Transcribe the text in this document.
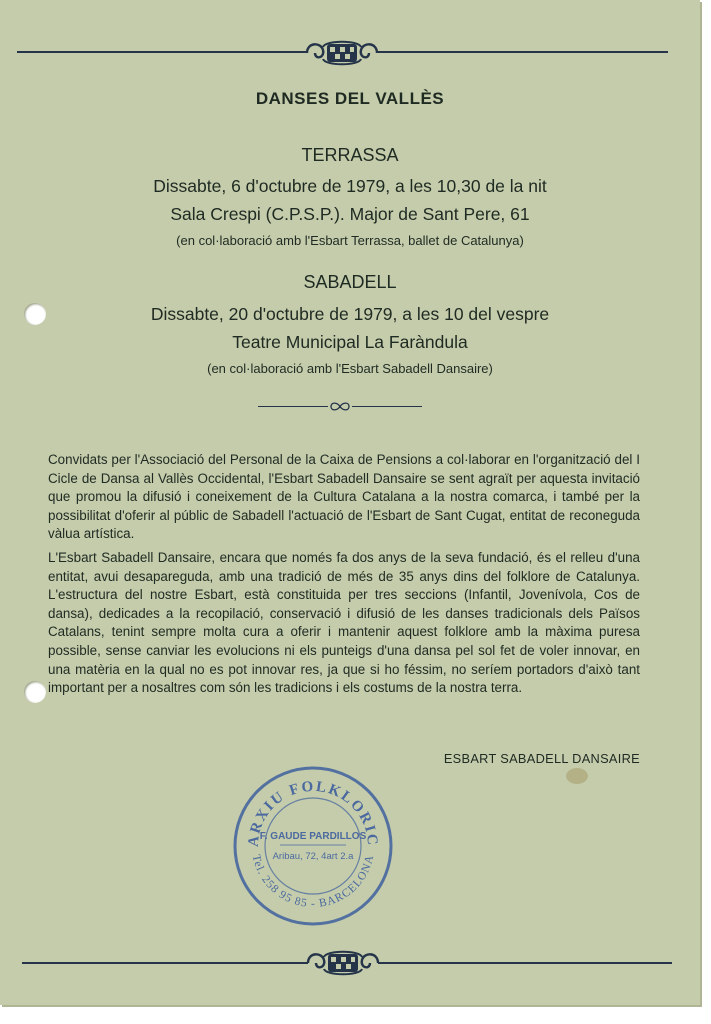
DANSES DEL VALLÈS
TERRASSA
Dissabte, 6 d'octubre de 1979, a les 10,30 de la nit
Sala Crespi (C.P.S.P.). Major de Sant Pere, 61
(en col·laboració amb l'Esbart Terrassa, ballet de Catalunya)
SABADELL
Dissabte, 20 d'octubre de 1979, a les 10 del vespre
Teatre Municipal La Faràndula
(en col·laboració amb l'Esbart Sabadell Dansaire)

Convidats per l'Associació del Personal de la Caixa de Pensions a col·laborar en l'organització del I Cicle de Dansa al Vallès Occidental, l'Esbart Sabadell Dansaire se sent agraït per aquesta invitació que promou la difusió i coneixement de la Cultura Catalana a la nostra comarca, i també per la possibilitat d'oferir al públic de Sabadell l'actuació de l'Esbart de Sant Cugat, entitat de reconeguda vàlua artística.

L'Esbart Sabadell Dansaire, encara que només fa dos anys de la seva fundació, és el relleu d'una entitat, avui desapareguda, amb una tradició de més de 35 anys dins del folklore de Catalunya. L'estructura del nostre Esbart, està constituida per tres seccions (Infantil, Jovenívola, Cos de dansa), dedicades a la recopilació, conservació i difusió de les danses tradicionals dels Països Catalans, tenint sempre molta cura a oferir i mantenir aquest folklore amb la màxima puresa possible, sense canviar les evolucions ni els punteigs d'una dansa pel sol fet de voler innovar, en una matèria en la qual no es pot innovar res, ja que si ho féssim, no seríem portadors d'això tant important per a nosaltres com són les tradicions i els costums de la nostra terra.

ESBART SABADELL DANSAIRE
ARXIU FOLKLORIC
Tel. 258 95 85 - BARCELONA
F. GAUDE PARDILLOS
Aribau, 72, 4art 2.a
